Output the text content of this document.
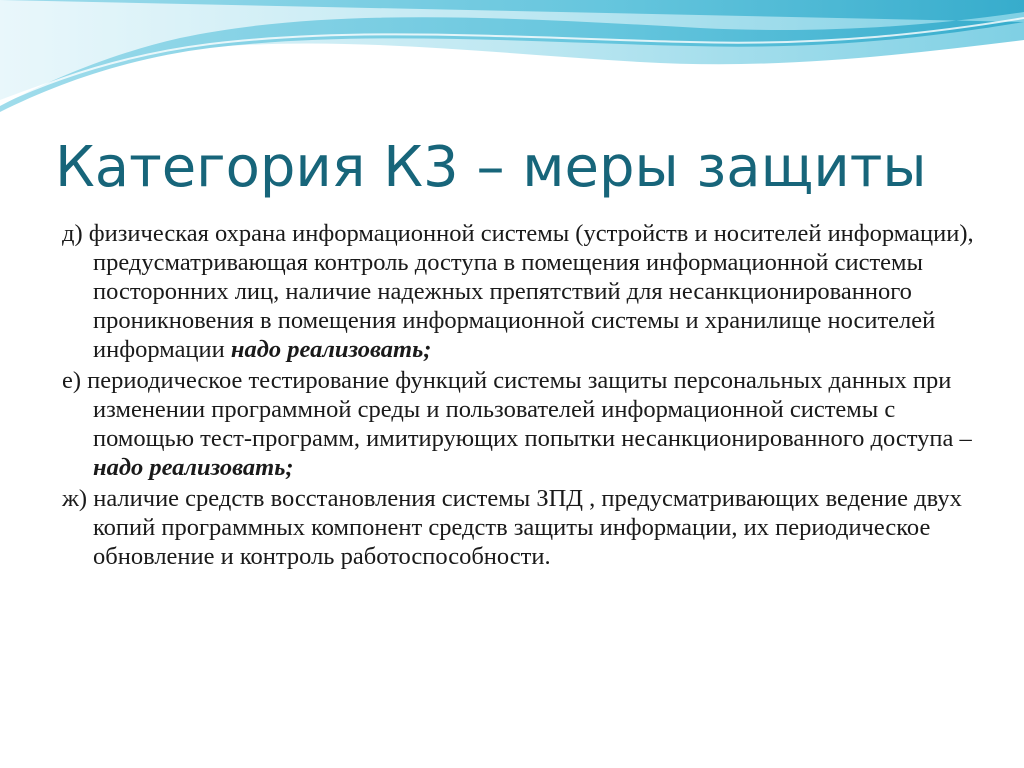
Категория К3 – меры защиты

д) физическая охрана информационной системы (устройств и носителей информации), предусматривающая контроль доступа в помещения информационной системы посторонних лиц, наличие надежных препятствий для несанкционированного проникновения в помещения информационной системы и хранилище носителей информации надо реализовать;

е) периодическое тестирование функций системы защиты персональных данных при изменении программной среды и пользователей информационной системы с помощью тест-программ, имитирующих попытки несанкционированного доступа – надо реализовать;

ж) наличие средств восстановления системы ЗПД , предусматривающих ведение двух копий программных компонент средств защиты информации, их периодическое обновление и контроль работоспособности.
